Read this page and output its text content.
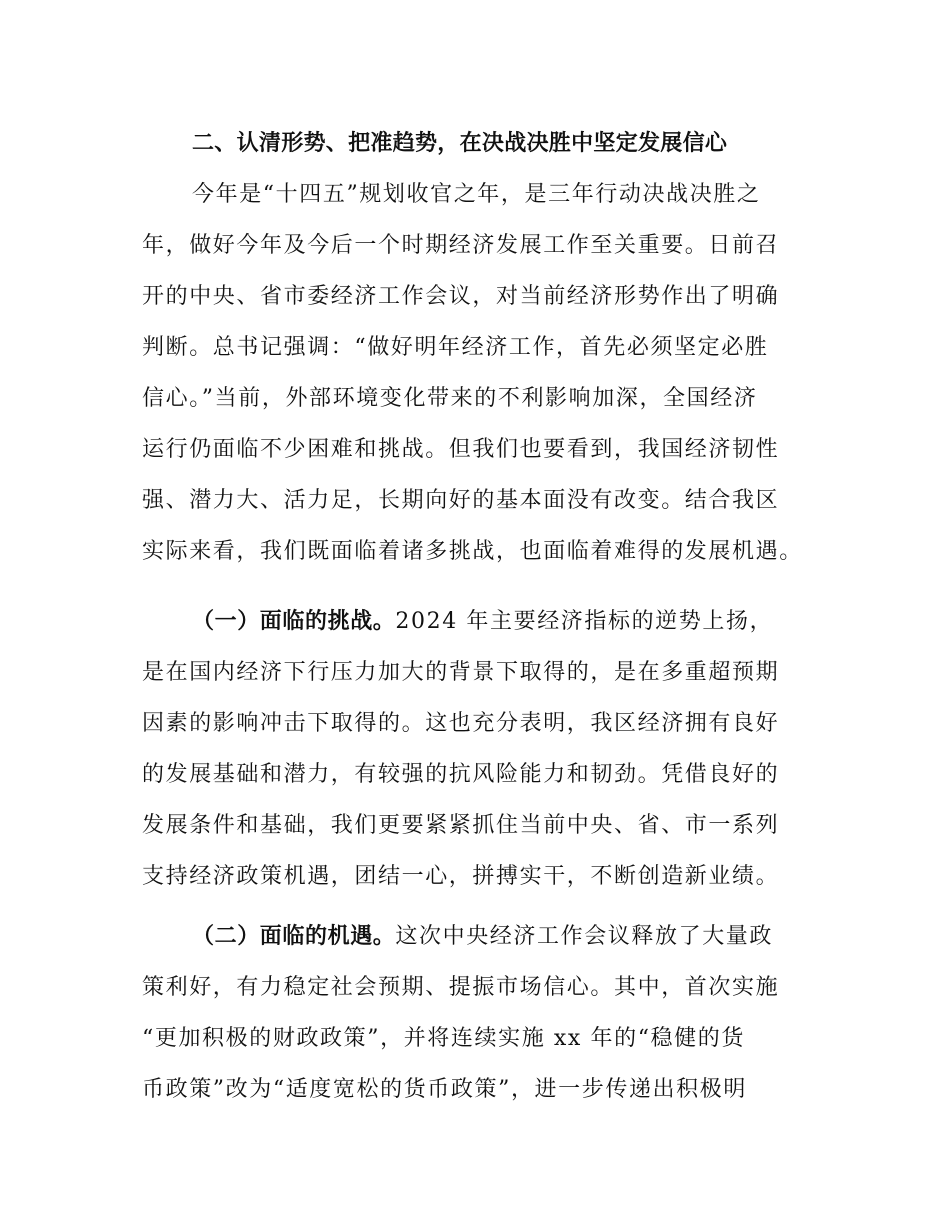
二、认清形势、把准趋势，在决战决胜中坚定发展信心
今年是“十四五”规划收官之年，是三年行动决战决胜之
年，做好今年及今后一个时期经济发展工作至关重要。日前召
开的中央、省市委经济工作会议，对当前经济形势作出了明确
判断。总书记强调：“做好明年经济工作，首先必须坚定必胜
信心。”当前，外部环境变化带来的不利影响加深，全国经济
运行仍面临不少困难和挑战。但我们也要看到，我国经济韧性
强、潜力大、活力足，长期向好的基本面没有改变。结合我区
实际来看，我们既面临着诸多挑战，也面临着难得的发展机遇。
（一）面临的挑战。2024 年主要经济指标的逆势上扬，
是在国内经济下行压力加大的背景下取得的，是在多重超预期
因素的影响冲击下取得的。这也充分表明，我区经济拥有良好
的发展基础和潜力，有较强的抗风险能力和韧劲。凭借良好的
发展条件和基础，我们更要紧紧抓住当前中央、省、市一系列
支持经济政策机遇，团结一心，拼搏实干，不断创造新业绩。
（二）面临的机遇。这次中央经济工作会议释放了大量政
策利好，有力稳定社会预期、提振市场信心。其中，首次实施
“更加积极的财政政策”，并将连续实施 xx 年的“稳健的货
币政策”改为“适度宽松的货币政策”，进一步传递出积极明
